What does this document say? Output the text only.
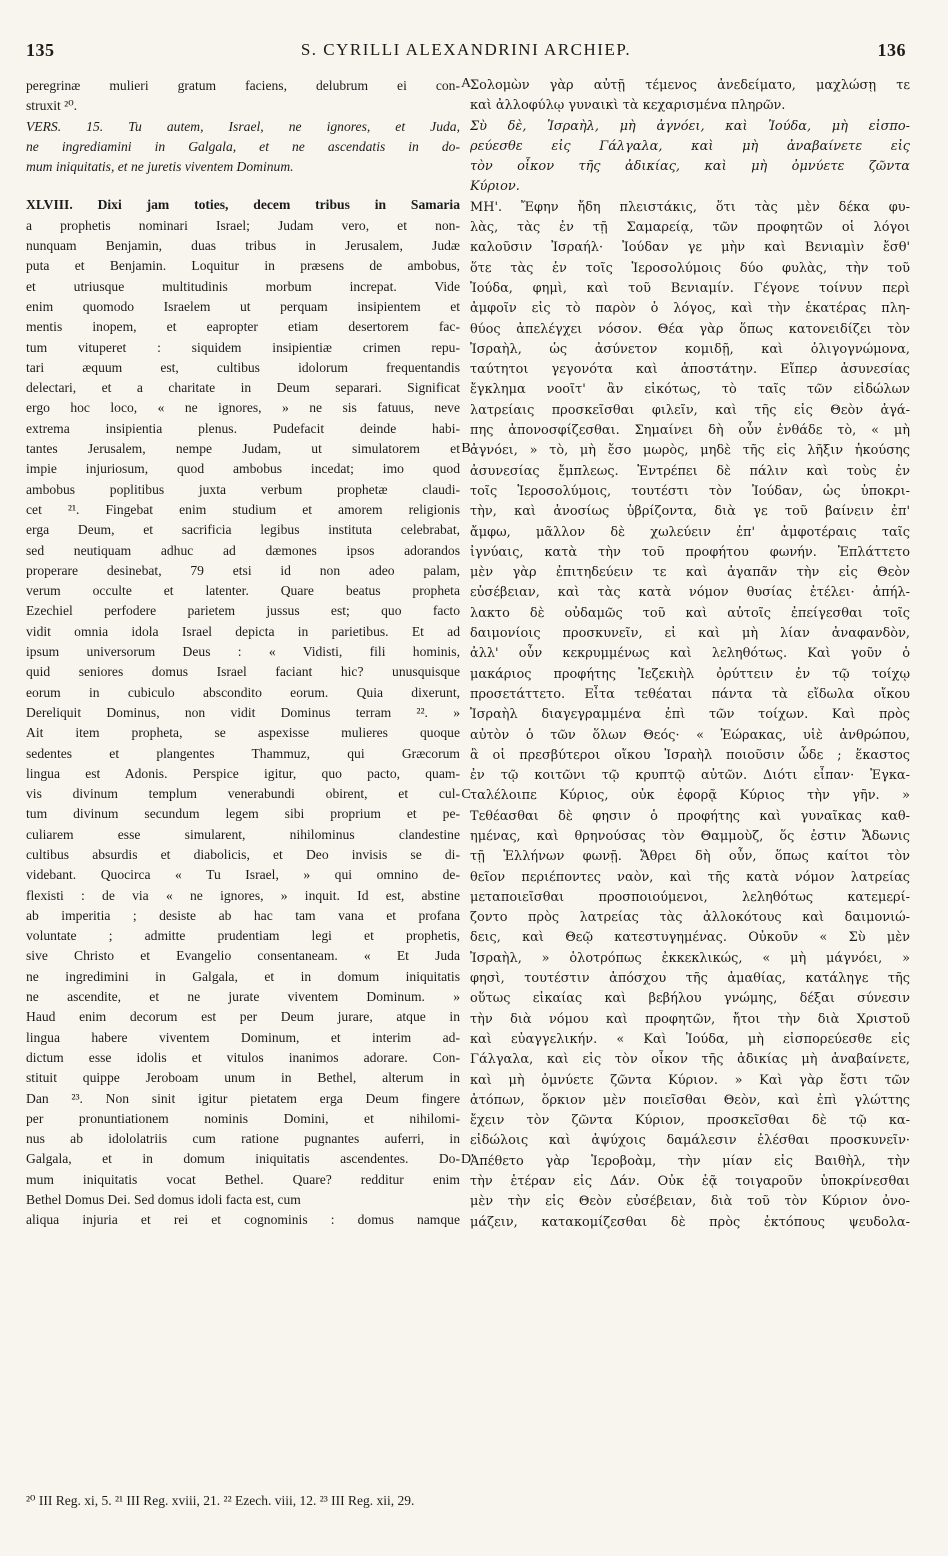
135	S. CYRILLI ALEXANDRINI ARCHIEP.	136
peregrinæ mulieri gratum faciens, delubrum ei con-
struxit ²⁰.
VERS. 15. Tu autem, Israel, ne ignores, et Juda,
ne ingrediamini in Galgala, et ne ascendatis in do-
mum iniquitatis, et ne juretis viventem Dominum.
XLVIII. Dixi jam toties, decem tribus in Samaria
a prophetis nominari Israel; Judam vero, et non-
nunquam Benjamin, duas tribus in Jerusalem, Judæ
puta et Benjamin. Loquitur in præsens de ambobus,
et utriusque multitudinis morbum increpat. Vide
enim quomodo Israelem ut perquam insipientem et
mentis inopem, et eapropter etiam desertorem fac-
tum vituperet : siquidem insipientiæ crimen repu-
tari æquum est, cultibus idolorum frequentandis
delectari, et a charitate in Deum separari. Significat
ergo hoc loco, « ne ignores, » ne sis fatuus, neve
extrema insipientia plenus. Pudefacit deinde habi-
tantes Jerusalem, nempe Judam, ut simulatorem et
impie injuriosum, quod ambobus incedat; imo quod
ambobus poplitibus juxta verbum prophetæ claudi-
cet ²¹. Fingebat enim studium et amorem religionis
erga Deum, et sacrificia legibus instituta celebrabat,
sed neutiquam adhuc ad dæmones ipsos adorandos
properare desinebat, 79 etsi id non adeo palam,
verum occulte et latenter. Quare beatus propheta
Ezechiel perfodere parietem jussus est; quo facto
vidit omnia idola Israel depicta in parietibus. Et ad
ipsum universorum Deus : « Vidisti, fili hominis,
quid seniores domus Israel faciant hic? unusquisque
eorum in cubiculo abscondito eorum. Quia dixerunt,
Dereliquit Dominus, non vidit Dominus terram ²². »
Ait item propheta, se aspexisse mulieres quoque
sedentes et plangentes Thammuz, qui Græcorum
lingua est Adonis. Perspice igitur, quo pacto, quam-
vis divinum templum venerabundi obirent, et cul-
tum divinum secundum legem sibi proprium et pe-
culiarem esse simularent, nihilominus clandestine
cultibus absurdis et diabolicis, et Deo invisis se di-
videbant. Quocirca « Tu Israel, » qui omnino de-
flexisti : de via « ne ignores, » inquit. Id est, abstine
ab imperitia ; desiste ab hac tam vana et profana
voluntate ; admitte prudentiam legi et prophetis,
sive Christo et Evangelio consentaneam. « Et Juda
ne ingredimini in Galgala, et in domum iniquitatis
ne ascendite, et ne jurate viventem Dominum. »
Haud enim decorum est per Deum jurare, atque in
lingua habere viventem Dominum, et interim ad-
dictum esse idolis et vitulos inanimos adorare. Con-
stituit quippe Jeroboam unum in Bethel, alterum in
Dan ²³. Non sinit igitur pietatem erga Deum fingere
per pronuntiationem nominis Domini, et nihilomi-
nus ab idololatriis cum ratione pugnantes auferri, in
Galgala, et in domum iniquitatis ascendentes. Do-
mum iniquitatis vocat Bethel. Quare? redditur enim
Bethel Domus Dei. Sed domus idoli facta est, cum
aliqua injuria et rei et cognominis : domus namque
Σολομὼν γὰρ αὐτῇ τέμενος ἀνεδείματο, μαχλώσῃ τε
καὶ ἀλλοφύλῳ γυναικὶ τὰ κεχαρισμένα πληρῶν.
Σὺ δὲ, Ἰσραὴλ, μὴ ἀγνόει, καὶ Ἰούδα, μὴ εἰσπο-
ρεύεσθε εἰς Γάλγαλα, καὶ μὴ ἀναβαίνετε εἰς
τὸν οἶκον τῆς ἀδικίας, καὶ μὴ ὀμνύετε ζῶντα
Κύριον.
ΜΗ'. Ἔφην ἤδη πλειστάκις, ὅτι τὰς μὲν δέκα φυ-
λὰς, τὰς ἐν τῇ Σαμαρείᾳ, τῶν προφητῶν οἱ λόγοι
καλοῦσιν Ἰσραήλ· Ἰούδαν γε μὴν καὶ Βενιαμὶν ἔσθ'
ὅτε τὰς ἐν τοῖς Ἱεροσολύμοις δύο φυλὰς, τὴν τοῦ
Ἰούδα, φημὶ, καὶ τοῦ Βενιαμίν. Γέγονε τοίνυν περὶ
ἀμφοῖν εἰς τὸ παρὸν ὁ λόγος, καὶ τὴν ἑκατέρας πλη-
θύος ἀπελέγχει νόσον. Θέα γὰρ ὅπως κατονειδίζει τὸν
Ἰσραὴλ, ὡς ἀσύνετον κομιδῇ, καὶ ὀλιγογνώμονα,
ταύτητοι γεγονότα καὶ ἀποστάτην. Εἴπερ ἀσυνεσίας
ἔγκλημα νοοῖτ' ἂν εἰκότως, τὸ ταῖς τῶν εἰδώλων
λατρείαις προσκεῖσθαι φιλεῖν, καὶ τῆς εἰς Θεὸν ἀγά-
πης ἀπονοσφίζεσθαι. Σημαίνει δὴ οὖν ἐνθάδε τὸ, « μὴ
ἀγνόει, » τὸ, μὴ ἔσο μωρὸς, μηδὲ τῆς εἰς λῆξιν ἡκούσης
ἀσυνεσίας ἔμπλεως. Ἐντρέπει δὲ πάλιν καὶ τοὺς ἐν
τοῖς Ἱεροσολύμοις, τουτέστι τὸν Ἰούδαν, ὡς ὑποκρι-
τὴν, καὶ ἀνοσίως ὑβρίζοντα, διὰ γε τοῦ βαίνειν ἐπ'
ἄμφω, μᾶλλον δὲ χωλεύειν ἐπ' ἀμφοτέραις ταῖς
ἰγνύαις, κατὰ τὴν τοῦ προφήτου φωνήν. Ἐπλάττετο
μὲν γὰρ ἐπιτηδεύειν τε καὶ ἀγαπᾶν τὴν εἰς Θεὸν
εὐσέβειαν, καὶ τὰς κατὰ νόμον θυσίας ἐτέλει· ἀπήλ-
λακτο δὲ οὐδαμῶς τοῦ καὶ αὐτοῖς ἐπείγεσθαι τοῖς
δαιμονίοις προσκυνεῖν, εἰ καὶ μὴ λίαν ἀναφανδὸν,
ἀλλ' οὖν κεκρυμμένως καὶ λεληθότως. Καὶ γοῦν ὁ
μακάριος προφήτης Ἰεζεκιὴλ ὀρύττειν ἐν τῷ τοίχῳ
προσετάττετο. Εἶτα τεθέαται πάντα τὰ εἴδωλα οἴκου
Ἰσραὴλ διαγεγραμμένα ἐπὶ τῶν τοίχων. Καὶ πρὸς
αὐτὸν ὁ τῶν ὅλων Θεός· « Ἑώρακας, υἱὲ ἀνθρώπου,
ἃ οἱ πρεσβύτεροι οἴκου Ἰσραὴλ ποιοῦσιν ὧδε ; ἕκαστος
ἐν τῷ κοιτῶνι τῷ κρυπτῷ αὐτῶν. Διότι εἶπαν· Ἐγκα-
ταλέλοιπε Κύριος, οὐκ ἐφορᾷ Κύριος τὴν γῆν. »
Τεθέασθαι δὲ φησιν ὁ προφήτης καὶ γυναῖκας καθ-
ημένας, καὶ θρηνούσας τὸν Θαμμοὺζ, ὅς ἐστιν Ἄδωνις
τῇ Ἑλλήνων φωνῇ. Ἄθρει δὴ οὖν, ὅπως καίτοι τὸν
θεῖον περιέποντες ναὸν, καὶ τῆς κατὰ νόμον λατρείας
μεταποιεῖσθαι προσποιούμενοι, λεληθότως κατεμερί-
ζοντο πρὸς λατρείας τὰς ἀλλοκότους καὶ δαιμονιώ-
δεις, καὶ Θεῷ κατεστυγημένας. Οὐκοῦν « Σὺ μὲν
Ἰσραὴλ, » ὁλοτρόπως ἐκκεκλικώς, « μὴ μάγνόει, »
φησὶ, τουτέστιν ἀπόσχου τῆς ἀμαθίας, κατάληγε τῆς
οὕτως εἰκαίας καὶ βεβήλου γνώμης, δέξαι σύνεσιν
τὴν διὰ νόμου καὶ προφητῶν, ἤτοι τὴν διὰ Χριστοῦ
καὶ εὐαγγελικήν. « Καὶ Ἰούδα, μὴ εἰσπορεύεσθε εἰς
Γάλγαλα, καὶ εἰς τὸν οἶκον τῆς ἀδικίας μὴ ἀναβαίνετε,
καὶ μὴ ὀμνύετε ζῶντα Κύριον. » Καὶ γὰρ ἔστι τῶν
ἀτόπων, ὅρκιον μὲν ποιεῖσθαι Θεὸν, καὶ ἐπὶ γλώττης
ἔχειν τὸν ζῶντα Κύριον, προσκεῖσθαι δὲ τῷ κα-
εἰδώλοις καὶ ἀψύχοις δαμάλεσιν ἐλέσθαι προσκυνεῖν·
Ἀπέθετο γὰρ Ἱεροβοὰμ, τὴν μίαν εἰς Βαιθὴλ, τὴν
τὴν ἑτέραν εἰς Δάν. Οὐκ ἐᾷ τοιγαροῦν ὑποκρίνεσθαι
μὲν τὴν εἰς Θεὸν εὐσέβειαν, διὰ τοῦ τὸν Κύριον ὀνο-
μάζειν, κατακομίζεσθαι δὲ πρὸς ἐκτόπους ψευδολα-
A
B
C
D
²⁰ III Reg. xi, 5. ²¹ III Reg. xviii, 21. ²² Ezech. viii, 12. ²³ III Reg. xii, 29.
